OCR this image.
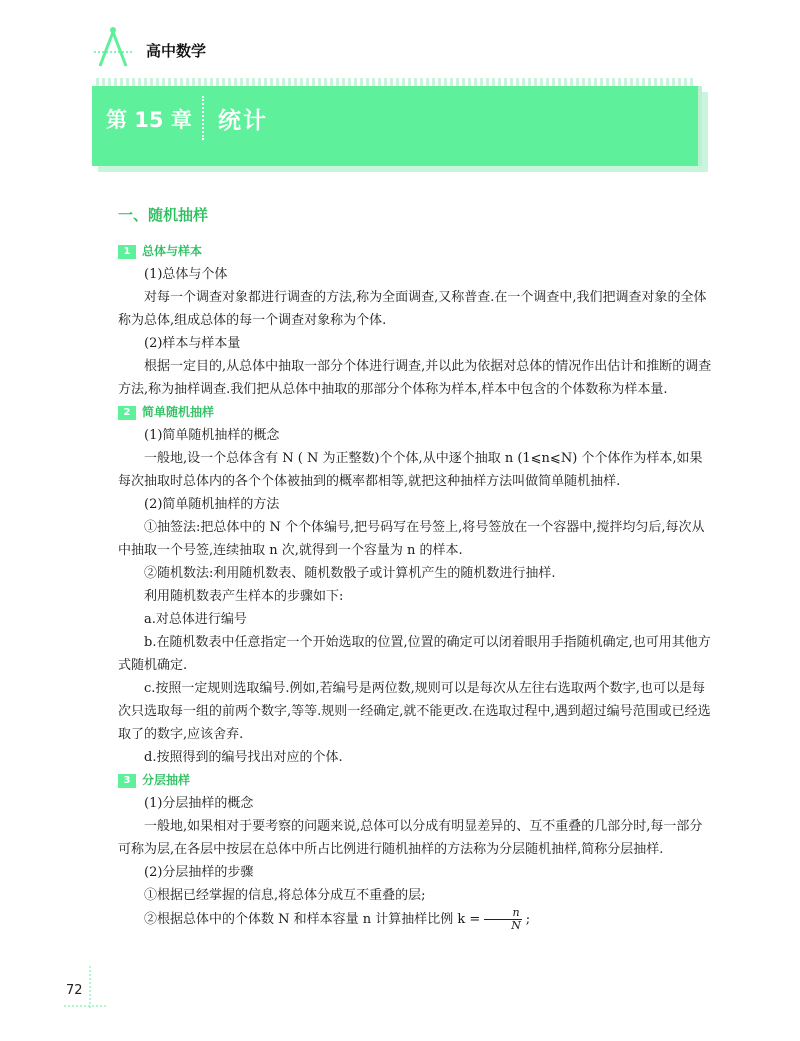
高中数学
第 15 章 统计
一、随机抽样
1 总体与样本

(1)总体与个体

对每一个调查对象都进行调查的方法,称为全面调查,又称普查.在一个调查中,我们把调查对象的全体称为总体,组成总体的每一个调查对象称为个体.

(2)样本与样本量

根据一定目的,从总体中抽取一部分个体进行调查,并以此为依据对总体的情况作出估计和推断的调查方法,称为抽样调查.我们把从总体中抽取的那部分个体称为样本,样本中包含的个体数称为样本量.

2 简单随机抽样

(1)简单随机抽样的概念

一般地,设一个总体含有 N ( N 为正整数)个个体,从中逐个抽取 n (1⩽n⩽N) 个个体作为样本,如果每次抽取时总体内的各个个体被抽到的概率都相等,就把这种抽样方法叫做简单随机抽样.

(2)简单随机抽样的方法

①抽签法:把总体中的 N 个个体编号,把号码写在号签上,将号签放在一个容器中,搅拌均匀后,每次从中抽取一个号签,连续抽取 n 次,就得到一个容量为 n 的样本.

②随机数法:利用随机数表、随机数骰子或计算机产生的随机数进行抽样.

利用随机数表产生样本的步骤如下:

a.对总体进行编号

b.在随机数表中任意指定一个开始选取的位置,位置的确定可以闭着眼用手指随机确定,也可用其他方式随机确定.

c.按照一定规则选取编号.例如,若编号是两位数,规则可以是每次从左往右选取两个数字,也可以是每次只选取每一组的前两个数字,等等.规则一经确定,就不能更改.在选取过程中,遇到超过编号范围或已经选取了的数字,应该舍弃.

d.按照得到的编号找出对应的个体.

3 分层抽样

(1)分层抽样的概念

一般地,如果相对于要考察的问题来说,总体可以分成有明显差异的、互不重叠的几部分时,每一部分可称为层,在各层中按层在总体中所占比例进行随机抽样的方法称为分层随机抽样,简称分层抽样.

(2)分层抽样的步骤

①根据已经掌握的信息,将总体分成互不重叠的层;

②根据总体中的个体数 N 和样本容量 n 计算抽样比例 $k = \frac{n}{N}$ ;

72
